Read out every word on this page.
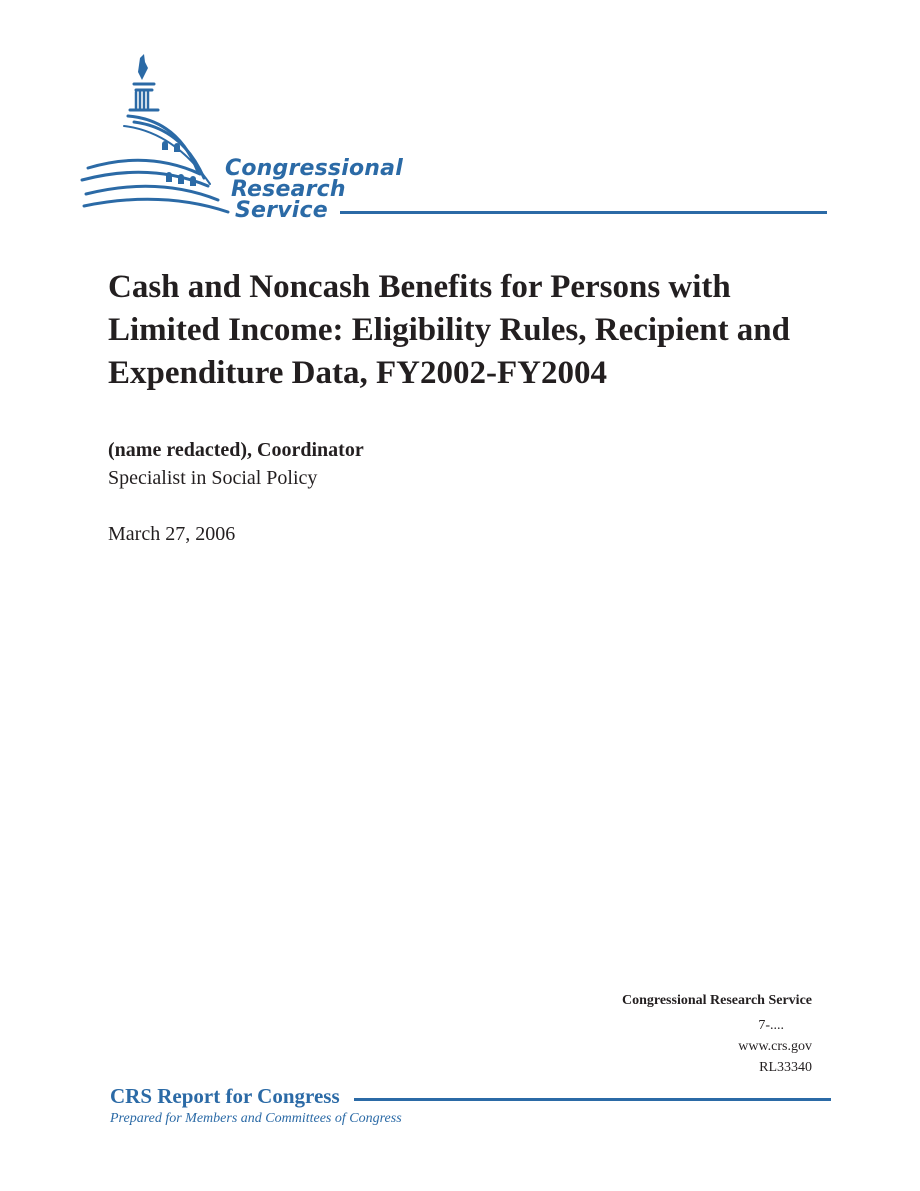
Congressional
Research
Service
Cash and Noncash Benefits for Persons with Limited Income: Eligibility Rules, Recipient and Expenditure Data, FY2002-FY2004
(name redacted), Coordinator
Specialist in Social Policy
March 27, 2006
Congressional Research Service
7-....
www.crs.gov
RL33340
CRS Report for Congress
Prepared for Members and Committees of Congress
